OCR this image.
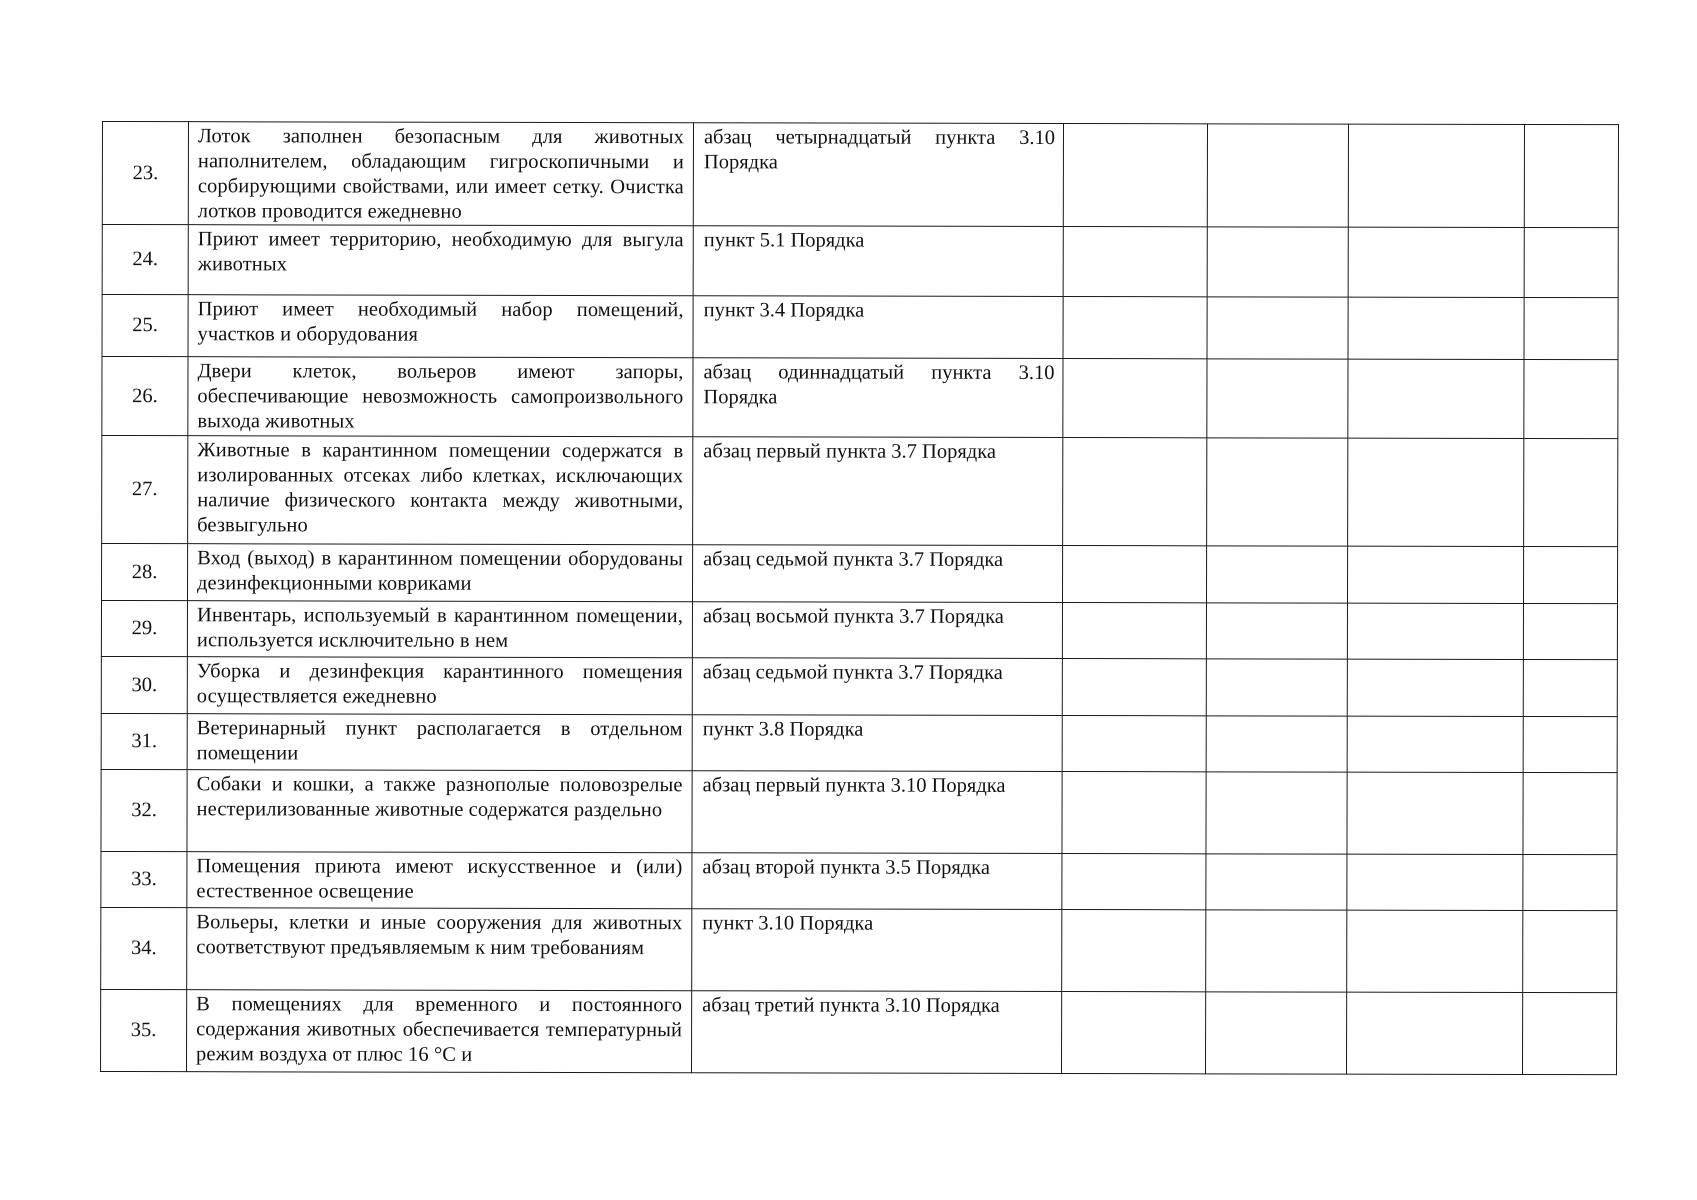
23.	Лоток заполнен безопасным для животных наполнителем, обладающим гигроскопичными и сорбирующими свойствами, или имеет сетку. Очистка лотков проводится ежедневно	абзац четырнадцатый пункта 3.10 Порядка				
24.	Приют имеет территорию, необходимую для выгула животных	пункт 5.1 Порядка				
25.	Приют имеет необходимый набор помещений, участков и оборудования	пункт 3.4 Порядка				
26.	Двери клеток, вольеров имеют запоры, обеспечивающие невозможность самопроизвольного выхода животных	абзац одиннадцатый пункта 3.10 Порядка				
27.	Животные в карантинном помещении содержатся в изолированных отсеках либо клетках, исключающих наличие физического контакта между животными, безвыгульно	абзац первый пункта 3.7 Порядка				
28.	Вход (выход) в карантинном помещении оборудованы дезинфекционными ковриками	абзац седьмой пункта 3.7 Порядка				
29.	Инвентарь, используемый в карантинном помещении, используется исключительно в нем	абзац восьмой пункта 3.7 Порядка				
30.	Уборка и дезинфекция карантинного помещения осуществляется ежедневно	абзац седьмой пункта 3.7 Порядка				
31.	Ветеринарный пункт располагается в отдельном помещении	пункт 3.8 Порядка				
32.	Собаки и кошки, а также разнополые половозрелые нестерилизованные животные содержатся раздельно	абзац первый пункта 3.10 Порядка				
33.	Помещения приюта имеют искусственное и (или) естественное освещение	абзац второй пункта 3.5 Порядка				
34.	Вольеры, клетки и иные сооружения для животных соответствуют предъявляемым к ним требованиям	пункт 3.10 Порядка				
35.	В помещениях для временного и постоянного содержания животных обеспечивается температурный режим воздуха от плюс 16 °С и	абзац третий пункта 3.10 Порядка				
